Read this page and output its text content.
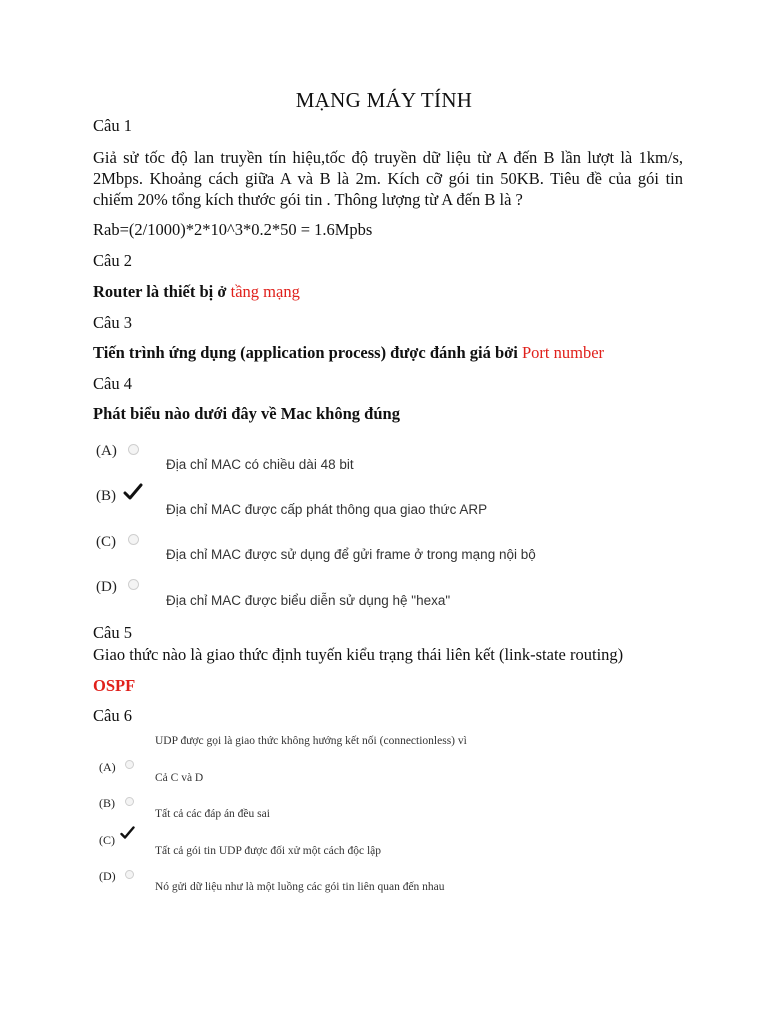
MẠNG MÁY TÍNH
Câu 1
Giả sử tốc độ lan truyền tín hiệu,tốc độ truyền dữ liệu từ A đến B lần lượt là 1km/s, 2Mbps. Khoảng cách giữa A và B là 2m. Kích cỡ gói tin 50KB. Tiêu đề của gói tin chiếm 20% tổng kích thước gói tin . Thông lượng từ A đến B là ?
Rab=(2/1000)*2*10^3*0.2*50 = 1.6Mpbs
Câu 2
Router là thiết bị ở tầng mạng
Câu 3
Tiến trình ứng dụng (application process) được đánh giá bởi Port number
Câu 4
Phát biểu nào dưới đây về Mac không đúng
(A)
Địa chỉ MAC có chiều dài 48 bit
(B)
Địa chỉ MAC được cấp phát thông qua giao thức ARP
(C)
Địa chỉ MAC được sử dụng để gửi frame ở trong mạng nội bộ
(D)
Địa chỉ MAC được biểu diễn sử dụng hệ "hexa"
Câu 5
Giao thức nào là giao thức định tuyến kiểu trạng thái liên kết (link-state routing)
OSPF
Câu 6
UDP được gọi là giao thức không hướng kết nối (connectionless) vì
(A)
Cả C và D
(B)
Tất cả các đáp án đều sai
(C)
Tất cả gói tin UDP được đối xử một cách độc lập
(D)
Nó gửi dữ liệu như là một luồng các gói tin liên quan đến nhau
